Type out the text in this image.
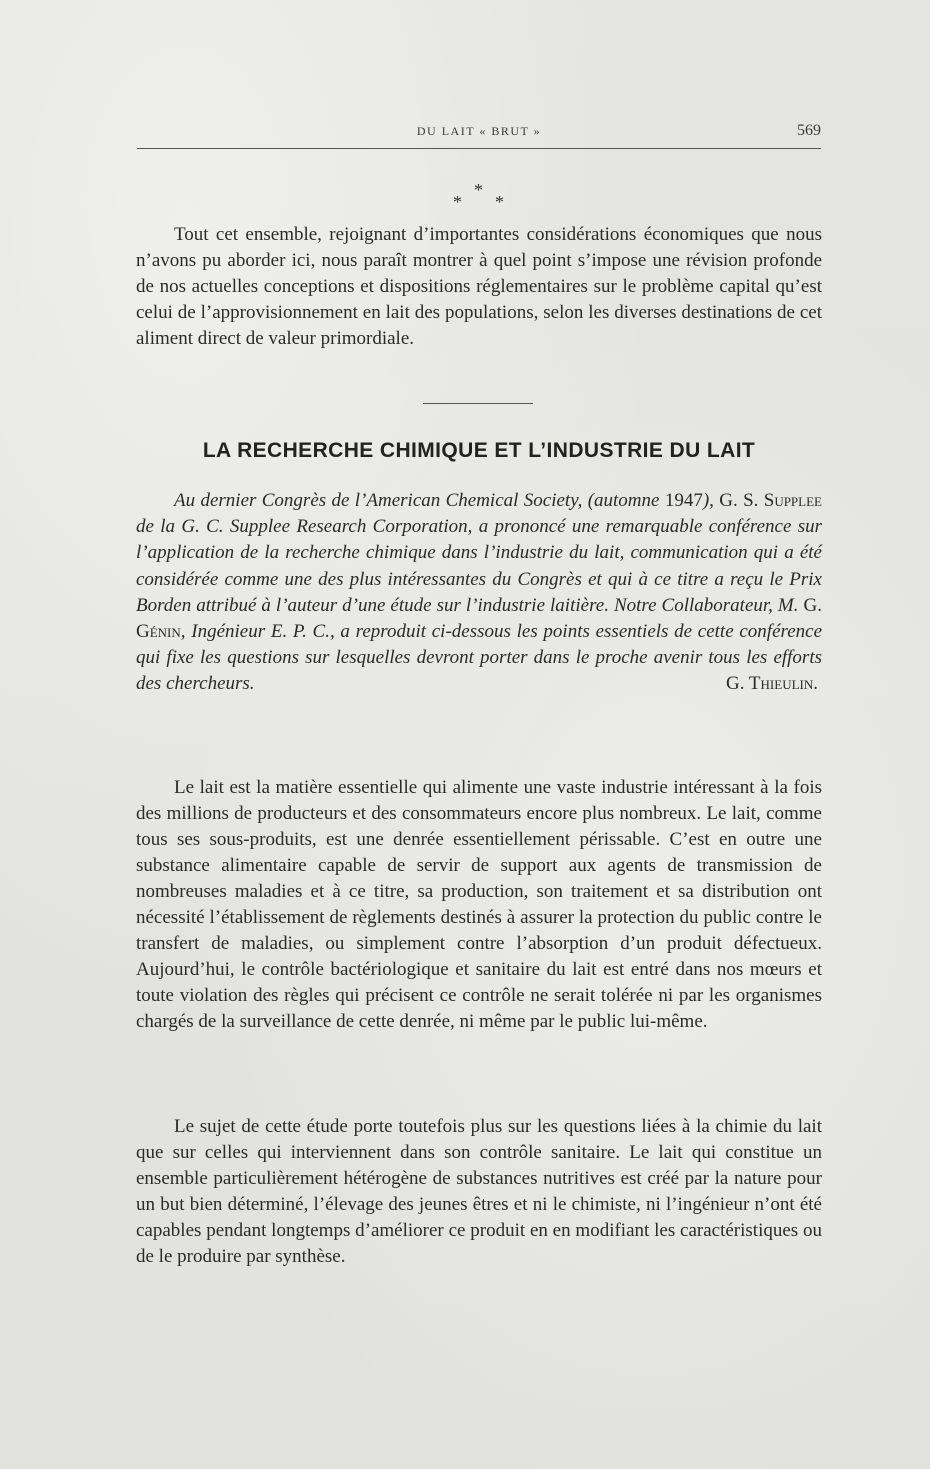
DU LAIT « BRUT »	569
*
* *

Tout cet ensemble, rejoignant d’importantes considérations économiques que nous n’avons pu aborder ici, nous paraît montrer à quel point s’impose une révision profonde de nos actuelles conceptions et dispositions réglementaires sur le problème capital qu’est celui de l’approvisionnement en lait des populations, selon les diverses destinations de cet aliment direct de valeur primordiale.

LA RECHERCHE CHIMIQUE ET L’INDUSTRIE DU LAIT

Au dernier Congrès de l’American Chemical Society, (automne 1947), G. S. Supplee de la G. C. Supplee Research Corporation, a prononcé une remarquable conférence sur l’application de la recherche chimique dans l’industrie du lait, communication qui a été considérée comme une des plus intéressantes du Congrès et qui à ce titre a reçu le Prix Borden attribué à l’auteur d’une étude sur l’industrie laitière. Notre Collaborateur, M. G. Génin, Ingénieur E. P. C., a reproduit ci-dessous les points essentiels de cette conférence qui fixe les questions sur lesquelles devront porter dans le proche avenir tous les efforts des chercheurs.	G. Thieulin.

Le lait est la matière essentielle qui alimente une vaste industrie intéressant à la fois des millions de producteurs et des consommateurs encore plus nombreux. Le lait, comme tous ses sous-produits, est une denrée essentiellement périssable. C’est en outre une substance alimentaire capable de servir de support aux agents de transmission de nombreuses maladies et à ce titre, sa production, son traitement et sa distribution ont nécessité l’établissement de règlements destinés à assurer la protection du public contre le transfert de maladies, ou simplement contre l’absorption d’un produit défectueux. Aujourd’hui, le contrôle bactériologique et sanitaire du lait est entré dans nos mœurs et toute violation des règles qui précisent ce contrôle ne serait tolérée ni par les organismes chargés de la surveillance de cette denrée, ni même par le public lui-même.

Le sujet de cette étude porte toutefois plus sur les questions liées à la chimie du lait que sur celles qui interviennent dans son contrôle sanitaire. Le lait qui constitue un ensemble particulièrement hétérogène de substances nutritives est créé par la nature pour un but bien déterminé, l’élevage des jeunes êtres et ni le chimiste, ni l’ingénieur n’ont été capables pendant longtemps d’améliorer ce produit en en modifiant les caractéristiques ou de le produire par synthèse.
